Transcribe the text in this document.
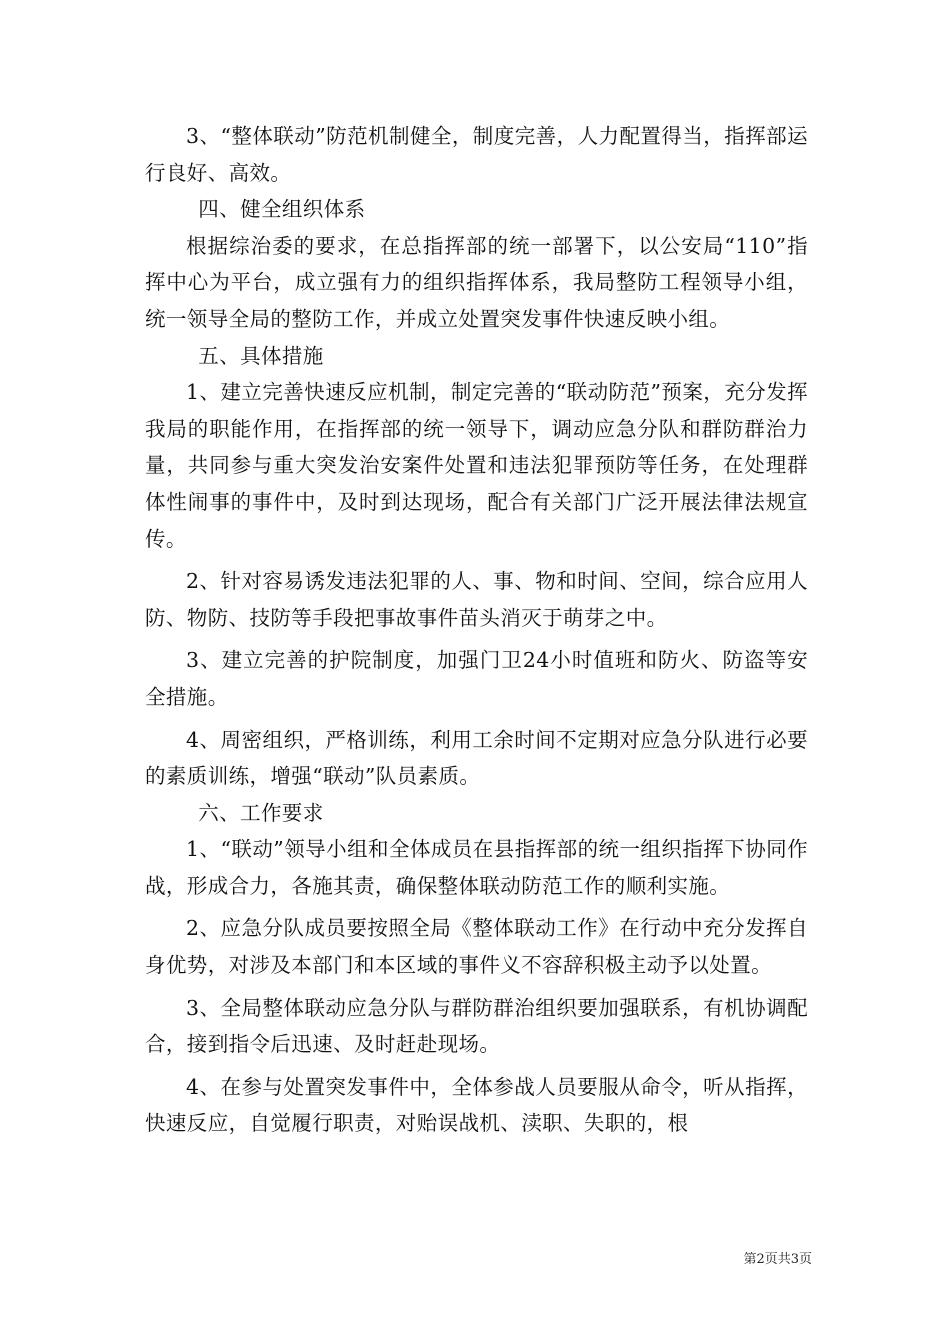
3、“整体联动”防范机制健全，制度完善，人力配置得当，指挥部运行良好、高效。

四、健全组织体系

根据综治委的要求，在总指挥部的统一部署下，以公安局“110”指挥中心为平台，成立强有力的组织指挥体系，我局整防工程领导小组，统一领导全局的整防工作，并成立处置突发事件快速反映小组。

五、具体措施

1、建立完善快速反应机制，制定完善的“联动防范”预案，充分发挥我局的职能作用，在指挥部的统一领导下，调动应急分队和群防群治力量，共同参与重大突发治安案件处置和违法犯罪预防等任务，在处理群体性闹事的事件中，及时到达现场，配合有关部门广泛开展法律法规宣传。

2、针对容易诱发违法犯罪的人、事、物和时间、空间，综合应用人防、物防、技防等手段把事故事件苗头消灭于萌芽之中。

3、建立完善的护院制度，加强门卫24小时值班和防火、防盗等安全措施。

4、周密组织，严格训练，利用工余时间不定期对应急分队进行必要的素质训练，增强“联动”队员素质。

六、工作要求

1、“联动”领导小组和全体成员在县指挥部的统一组织指挥下协同作战，形成合力，各施其责，确保整体联动防范工作的顺利实施。

2、应急分队成员要按照全局《整体联动工作》在行动中充分发挥自身优势，对涉及本部门和本区域的事件义不容辞积极主动予以处置。

3、全局整体联动应急分队与群防群治组织要加强联系，有机协调配合，接到指令后迅速、及时赶赴现场。

4、在参与处置突发事件中，全体参战人员要服从命令，听从指挥，快速反应，自觉履行职责，对贻误战机、渎职、失职的，根

第2页共3页
